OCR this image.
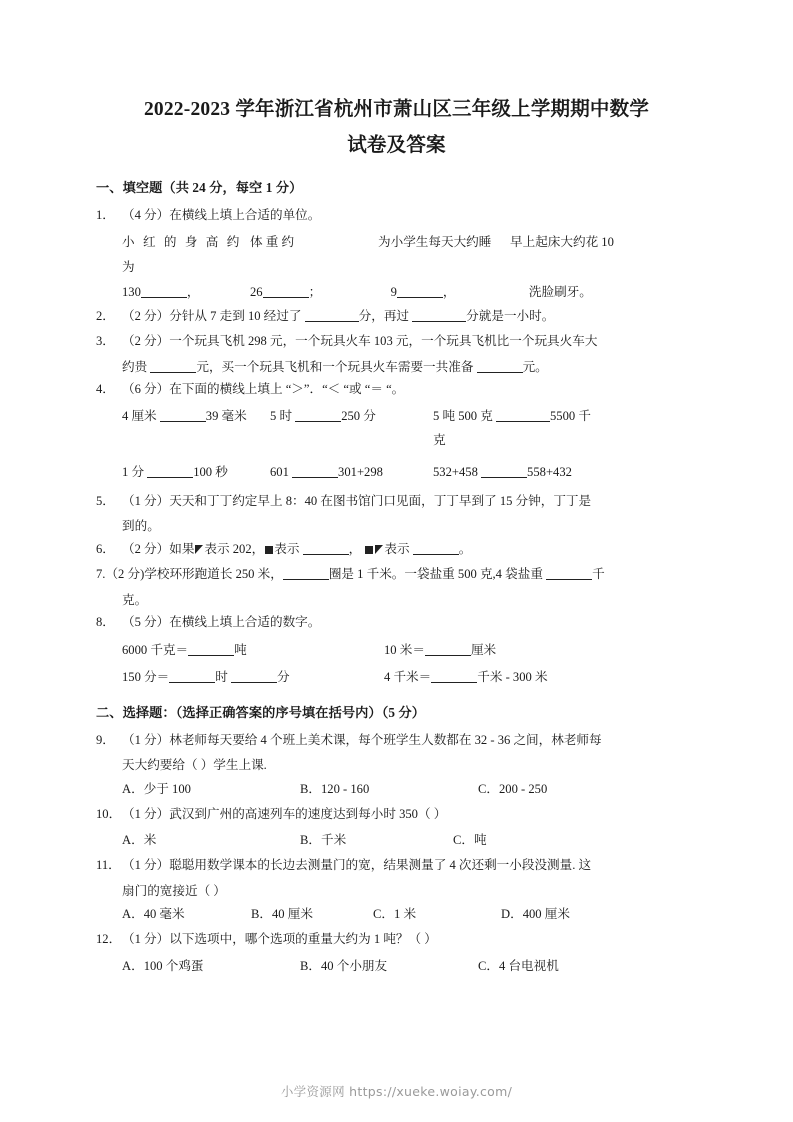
2022-2023 学年浙江省杭州市萧山区三年级上学期期中数学
试卷及答案
一、填空题（共 24 分，每空 1 分）
1． （4 分）在横线上填上合适的单位。
小 红 的 身 高 约 为
体 重 约	为小学生每天大约睡	早上起床大约花 10
130	，	26	；	9	，	洗脸刷牙。
2． （2 分）分针从 7 走到 10 经过了	分，再过	分就是一小时。
3． （2 分）一个玩具飞机 298 元，一个玩具火车 103 元，一个玩具飞机比一个玩具火车大
约贵	元，买一个玩具飞机和一个玩具火车需要一共准备	元。
4． （6 分）在下面的横线上填上 “＞”．“＜ “或 “＝ “。
4 厘米	39 毫米	5 时	250 分	5 吨 500 克	5500 千
克
1 分	100 秒	601	301+298	532+458	558+432
5． （1 分）天天和丁丁约定早上 8：40 在图书馆门口见面，丁丁早到了 15 分钟，丁丁是
到的。
6． （2 分）如果 表示 202， 表示	， 表示	。
7. （2 分)学校环形跑道长 250 米，	圈是 1 千米。一袋盐重 500 克,4 袋盐重	千
克。
8． （5 分）在横线上填上合适的数字。
6000 千克＝	吨	10 米＝	厘米
150 分＝	时	分	4 千米＝	千米 - 300 米
二、选择题：（选择正确答案的序号填在括号内）（5 分）
9． （1 分）林老师每天要给 4 个班上美术课，每个班学生人数都在 32 - 36 之间，林老师每
天大约要给（ ）学生上课.
A．少于 100	B．120 - 160	C．200 - 250
10． （1 分）武汉到广州的高速列车的速度达到每小时 350（ ）
A．米	B．千米	C．吨
11． （1 分）聪聪用数学课本的长边去测量门的宽，结果测量了 4 次还剩一小段没测量. 这
扇门的宽接近（ ）
A．40 毫米	B．40 厘米	C．1 米	D．400 厘米
12． （1 分）以下选项中，哪个选项的重量大约为 1 吨？（ ）
A．100 个鸡蛋	B．40 个小朋友	C．4 台电视机
小学资源网 https://xueke.woiay.com/
